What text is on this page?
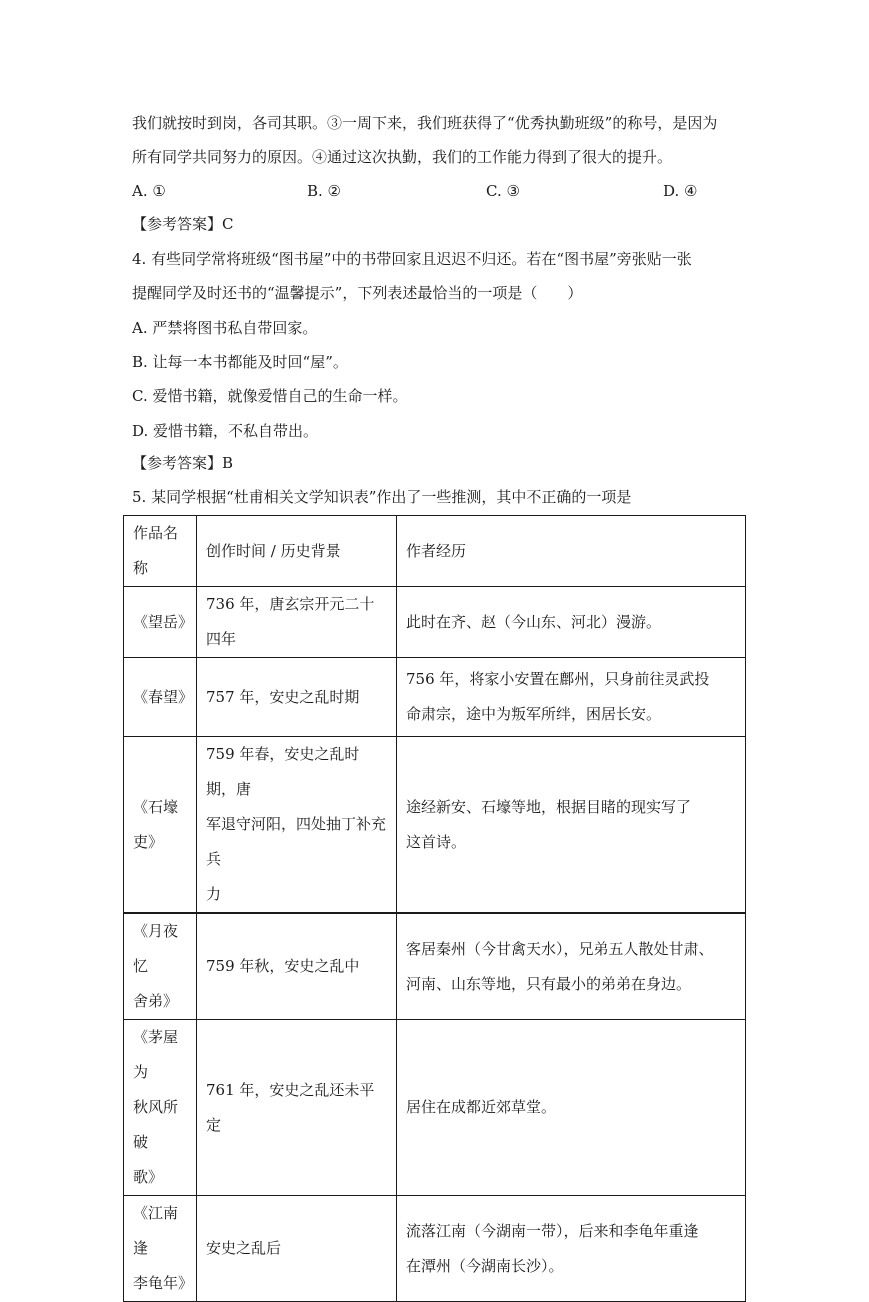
我们就按时到岗，各司其职。③一周下来，我们班获得了“优秀执勤班级”的称号，是因为

所有同学共同努力的原因。④通过这次执勤，我们的工作能力得到了很大的提升。

A. ①	B. ②	C. ③	D. ④

【参考答案】C

4. 有些同学常将班级“图书屋”中的书带回家且迟迟不归还。若在“图书屋”旁张贴一张

提醒同学及时还书的“温馨提示”，下列表述最恰当的一项是（　　）

A. 严禁将图书私自带回家。

B. 让每一本书都能及时回“屋”。

C. 爱惜书籍，就像爱惜自己的生命一样。

D. 爱惜书籍，不私自带出。

【参考答案】B

5. 某同学根据“杜甫相关文学知识表”作出了一些推测，其中不正确的一项是

作品名称	创作时间 / 历史背景	作者经历
《望岳》	736 年，唐玄宗开元二十四年	此时在齐、赵（今山东、河北）漫游。
《春望》	757 年，安史之乱时期	756 年，将家小安置在鄜州，只身前往灵武投
命肃宗，途中为叛军所绊，困居长安。
《石壕吏》	759 年春，安史之乱时期，唐
军退守河阳，四处抽丁补充兵
力	途经新安、石壕等地，根据目睹的现实写了
这首诗。
《月夜忆
舍弟》	759 年秋，安史之乱中	客居秦州（今甘禽天水），兄弟五人散处甘肃、
河南、山东等地，只有最小的弟弟在身边。
《茅屋为
秋风所破
歌》	761 年，安史之乱还未平定	居住在成都近郊草堂。
《江南逢
李龟年》	安史之乱后	流落江南（今湖南一带），后来和李龟年重逢
在潭州（今湖南长沙）。
